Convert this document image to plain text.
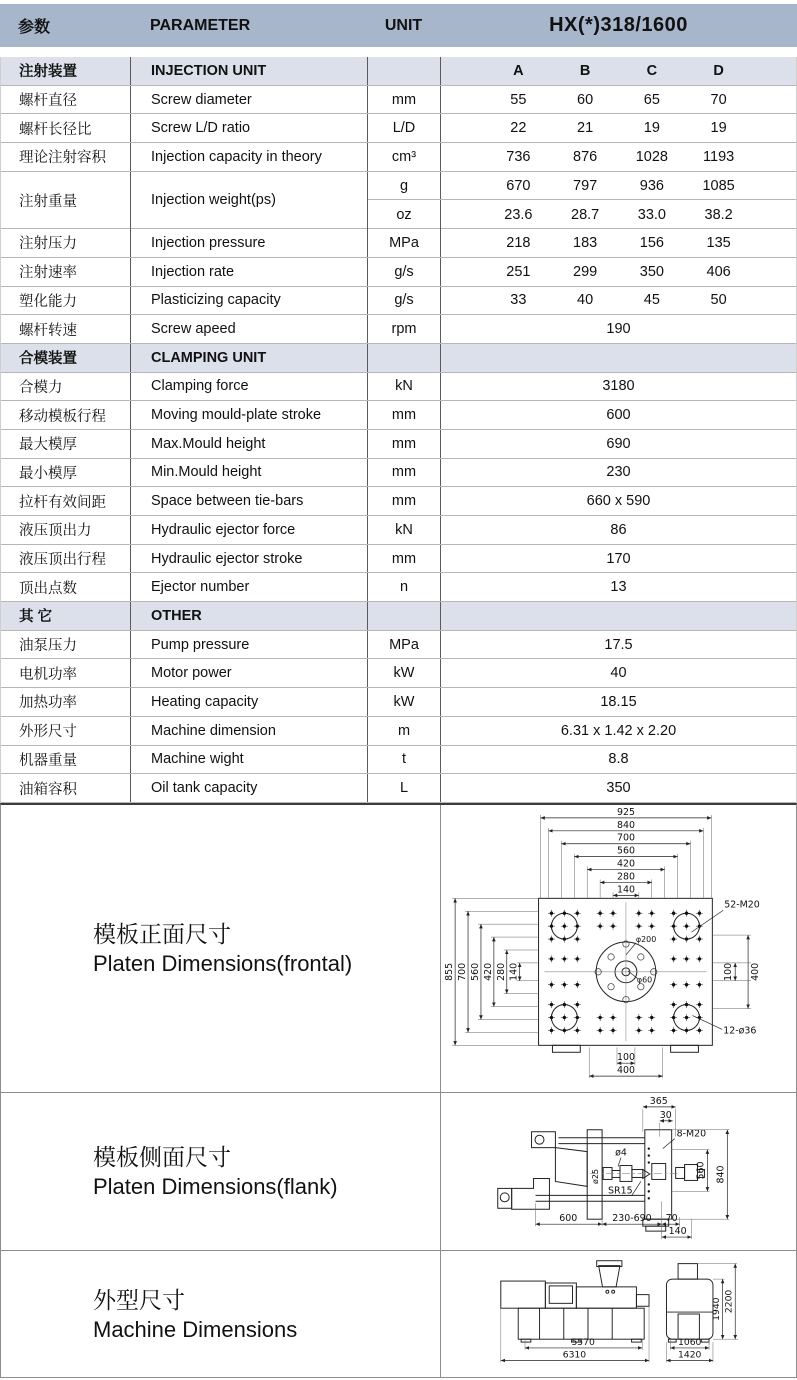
参数	PARAMETER	UNIT	HX(*)318/1600
注射装置	INJECTION UNIT	A	B	C	D
螺杆直径	Screw diameter	mm	55	60	65	70
螺杆长径比	Screw L/D ratio	L/D	22	21	19	19
理论注射容积	Injection capacity in theory	cm³	736	876	1028	1193
注射重量	Injection weight(ps)
g	670	797	936	1085
oz	23.6	28.7	33.0	38.2
注射压力	Injection pressure	MPa	218	183	156	135
注射速率	Injection rate	g/s	251	299	350	406
塑化能力	Plasticizing capacity	g/s	33	40	45	50
螺杆转速	Screw apeed	rpm	190
合模装置	CLAMPING UNIT
合模力	Clamping force	kN	3180
移动模板行程	Moving mould-plate stroke	mm	600
最大模厚	Max.Mould height	mm	690
最小模厚	Min.Mould height	mm	230
拉杆有效间距	Space between tie-bars	mm	660 x 590
液压顶出力	Hydraulic ejector force	kN	86
液压顶出行程	Hydraulic ejector stroke	mm	170
顶出点数	Ejector number	n	13
其 它	OTHER
油泵压力	Pump pressure	MPa	17.5
电机功率	Motor power	kW	40
加热功率	Heating capacity	kW	18.15
外形尺寸	Machine dimension	m	6.31 x 1.42 x 2.20
机器重量	Machine wight	t	8.8
油箱容积	Oil tank capacity	L	350
模板正面尺寸
Platen Dimensions(frontal)
925
840
700
560
420
280
140
855 700 560 420 280 140	100 400
100
400
52-M20
12-ø36
φ200
φ60
模板侧面尺寸
Platen Dimensions(flank)
365
30
8-M20
ø4
ø25
SR15
560 840
600	230-690 70
140
外型尺寸
Machine Dimensions
5570
6310
1060
1420
1940 2200
